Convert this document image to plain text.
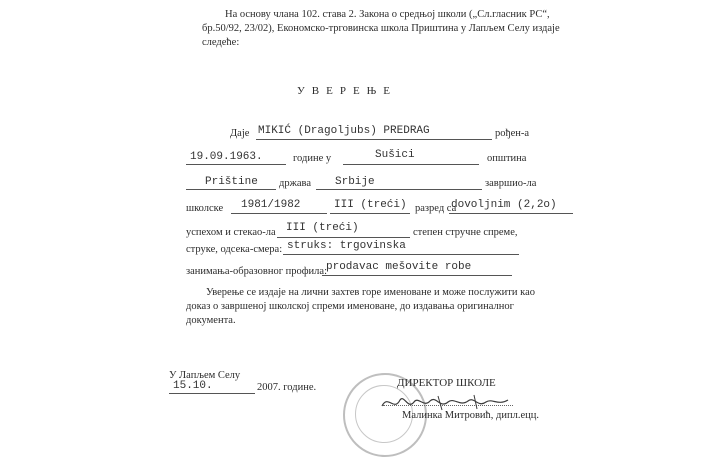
На основу члана 102. става 2. Закона о средњој школи („Сл.гласник РС“,
бр.50/92, 23/02), Економско-трговинска школа Приштина у Лапљем Селу издаје
следеће:
УВЕРЕЊЕ
Даје MIKIĆ (Dragoljubs) PREDRAG	рођен-а
19.09.1963.	године у	Sušici	општина
Prištine држава Srbije	завршио-ла
школске 1981/1982	III (treći) разред са
dovoljnim (2,2o)
успехом и стекао-ла III (treći)	степен стручне спреме,
струке, одсека-смера: struks: trgovinska
занимања-образовног профила: prodavac mešovite robe
Уверење се издаје на лични захтев горе именоване и може послужити као
доказ о завршеној школској спреми именоване, до издавања оригиналног
документа.
У Лапљем Селу
15.10.	2007. године.	ДИРЕКТОР ШКОЛЕ
Малинка Митровић, дипл.ецц.
